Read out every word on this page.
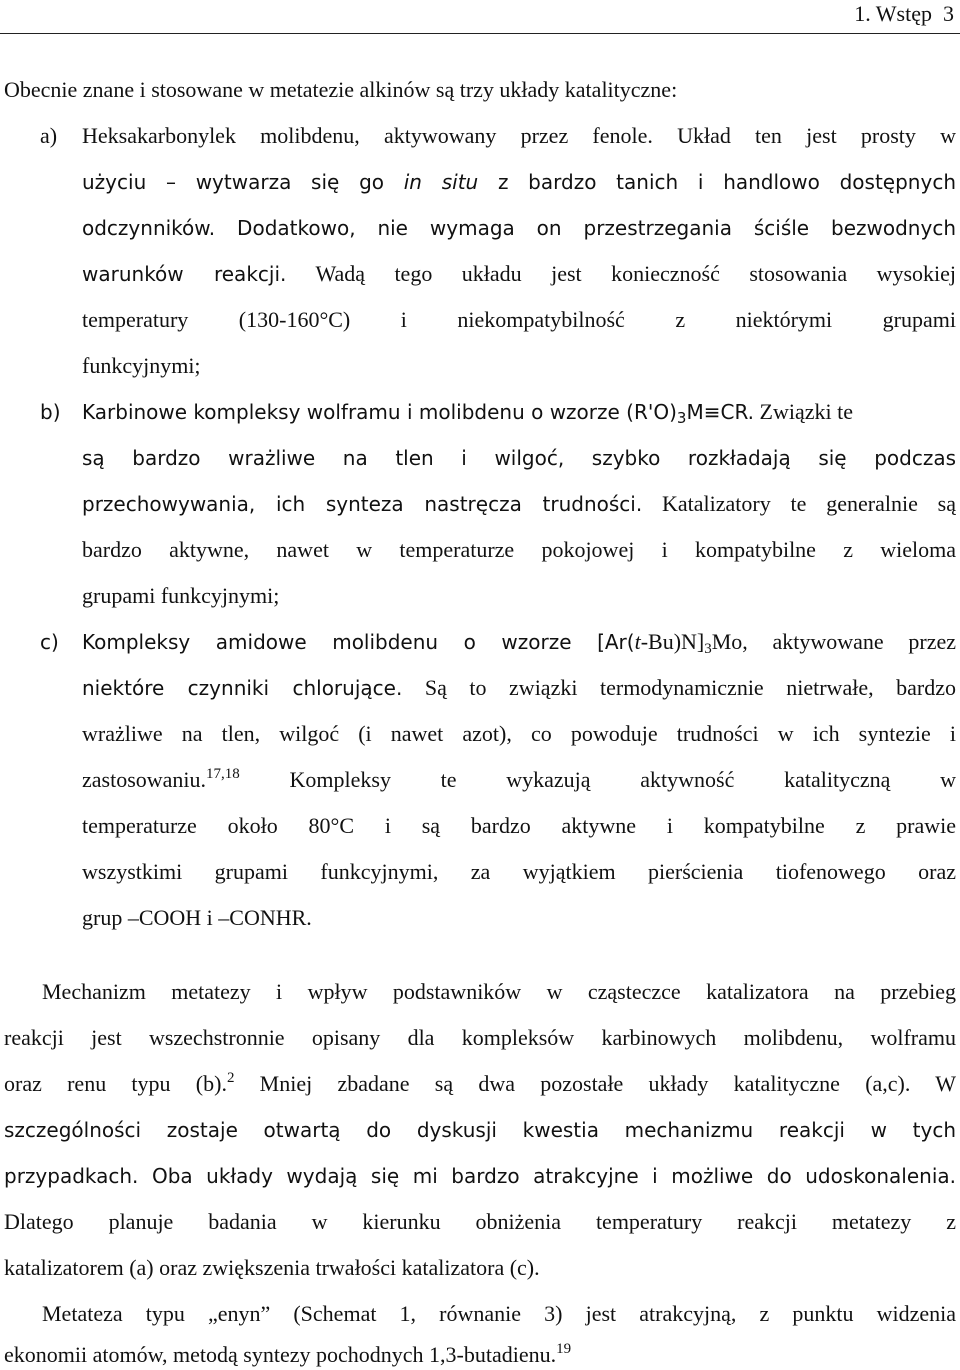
1. Wstęp 3
Obecnie znane i stosowane w metatezie alkinów są trzy układy katalityczne:
a) Heksakarbonylek molibdenu, aktywowany przez fenole. Układ ten jest prosty w
użyciu – wytwarza się go in situ z bardzo tanich i handlowo dostępnych
odczynników. Dodatkowo, nie wymaga on przestrzegania ściśle bezwodnych
warunków reakcji. Wadą tego układu jest konieczność stosowania wysokiej
temperatury (130-160°C) i niekompatybilność z niektórymi grupami
funkcyjnymi;
b) Karbinowe kompleksy wolframu i molibdenu o wzorze $(R'O)_3M\equiv CR$. Związki te
są bardzo wrażliwe na tlen i wilgoć, szybko rozkładają się podczas
przechowywania, ich synteza nastręcza trudności. Katalizatory te generalnie są
bardzo aktywne, nawet w temperaturze pokojowej i kompatybilne z wieloma
grupami funkcyjnymi;
c) Kompleksy amidowe molibdenu o wzorze $[Ar(t-Bu)N]_3Mo$, aktywowane przez
niektóre czynniki chlorujące. Są to związki termodynamicznie nietrwałe, bardzo
wrażliwe na tlen, wilgoć (i nawet azot), co powoduje trudności w ich syntezie i
zastosowaniu.$^{17,18}$ Kompleksy te wykazują aktywność katalityczną w
temperaturze około 80°C i są bardzo aktywne i kompatybilne z prawie
wszystkimi grupami funkcyjnymi, za wyjątkiem pierścienia tiofenowego oraz
grup –COOH i –CONHR.
Mechanizm metatezy i wpływ podstawników w cząsteczce katalizatora na przebieg
reakcji jest wszechstronnie opisany dla kompleksów karbinowych molibdenu, wolframu
oraz renu typu (b).$^2$ Mniej zbadane są dwa pozostałe układy katalityczne (a,c). W
szczególności zostaje otwartą do dyskusji kwestia mechanizmu reakcji w tych
przypadkach. Oba układy wydają się mi bardzo atrakcyjne i możliwe do udoskonalenia.
Dlatego planuje badania w kierunku obniżenia temperatury reakcji metatezy z
katalizatorem (a) oraz zwiększenia trwałości katalizatora (c).
Metateza typu „enyn” (Schemat 1, równanie 3) jest atrakcyjną, z punktu widzenia
ekonomii atomów, metodą syntezy pochodnych 1,3-butadienu.$^{19}$
